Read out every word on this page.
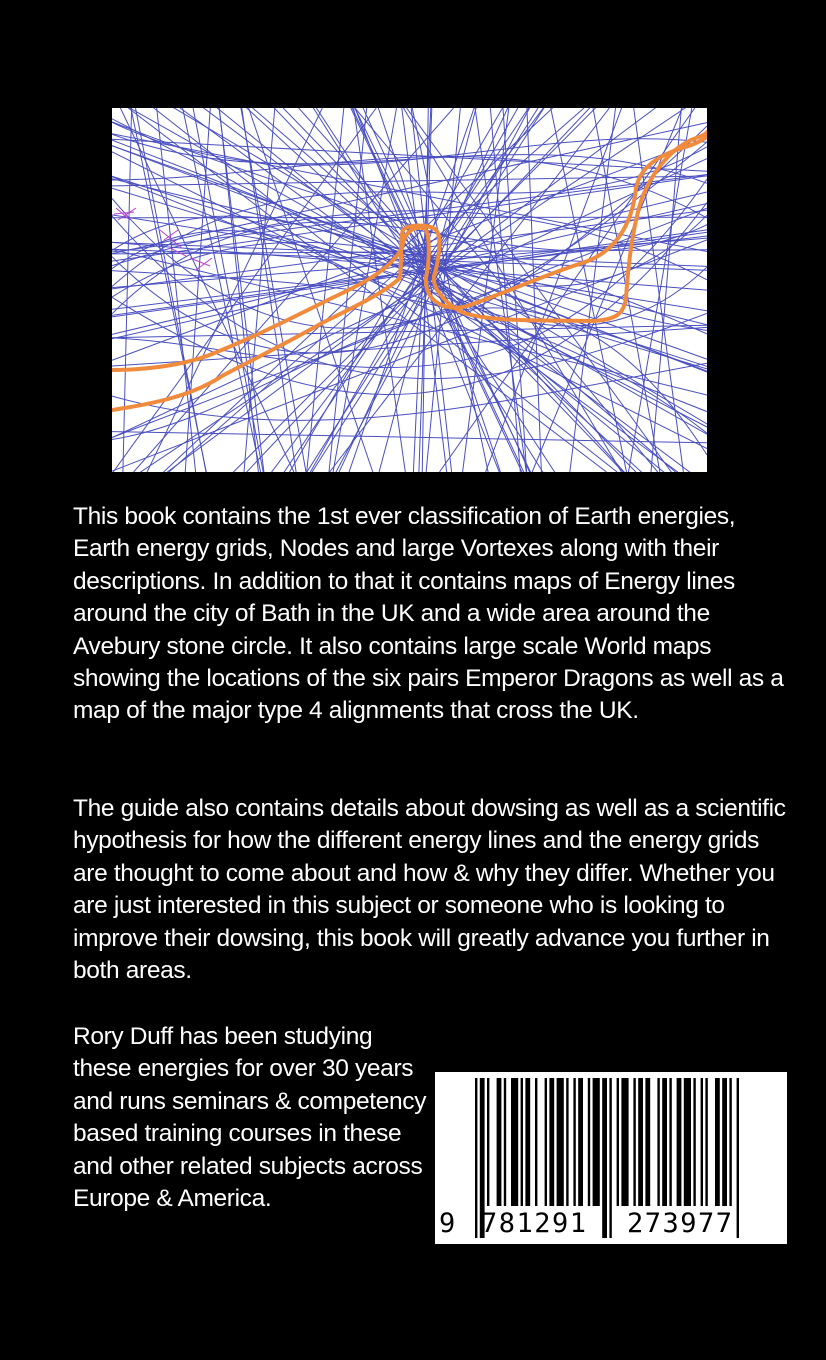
This book contains the 1st ever classification of Earth energies, Earth energy grids, Nodes and large Vortexes along with their descriptions. In addition to that it contains maps of Energy lines around the city of Bath in the UK and a wide area around the Avebury stone circle. It also contains large scale World maps showing the locations of the six pairs Emperor Dragons as well as a map of the major type 4 alignments that cross the UK.

The guide also contains details about dowsing as well as a scientific hypothesis for how the different energy lines and the energy grids are thought to come about and how & why they differ. Whether you are just interested in this subject or someone who is looking to improve their dowsing, this book will greatly advance you further in both areas.

Rory Duff has been studying these energies for over 30 years and runs seminars & competency based training courses in these and other related subjects across Europe & America.

9 781291 273977
